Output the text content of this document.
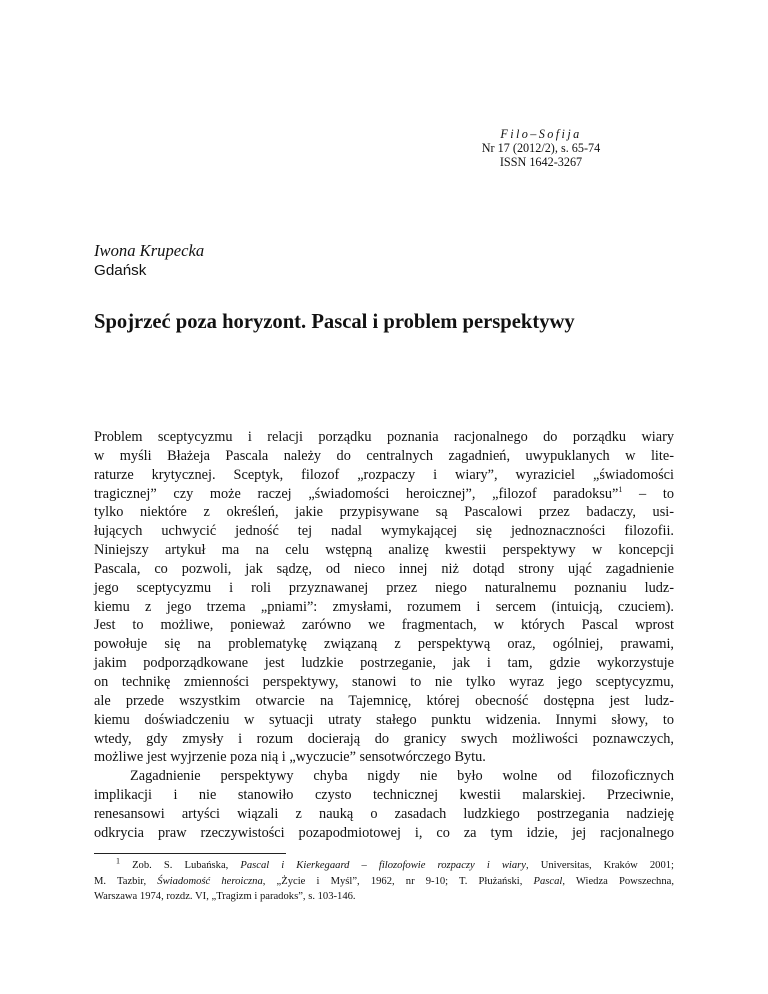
Filo–Sofija
Nr 17 (2012/2), s. 65-74
ISSN 1642-3267
Iwona Krupecka
Gdańsk
Spojrzeć poza horyzont. Pascal i problem perspektywy
Problem sceptycyzmu i relacji porządku poznania racjonalnego do porządku wiary
w myśli Błażeja Pascala należy do centralnych zagadnień, uwypuklanych w lite-
raturze krytycznej. Sceptyk, filozof „rozpaczy i wiary”, wyraziciel „świadomości
tragicznej” czy może raczej „świadomości heroicznej”, „filozof paradoksu”$^1$ – to
tylko niektóre z określeń, jakie przypisywane są Pascalowi przez badaczy, usi-
łujących uchwycić jedność tej nadal wymykającej się jednoznaczności filozofii.
Niniejszy artykuł ma na celu wstępną analizę kwestii perspektywy w koncepcji
Pascala, co pozwoli, jak sądzę, od nieco innej niż dotąd strony ująć zagadnienie
jego sceptycyzmu i roli przyznawanej przez niego naturalnemu poznaniu ludz-
kiemu z jego trzema „pniami”: zmysłami, rozumem i sercem (intuicją, czuciem).
Jest to możliwe, ponieważ zarówno we fragmentach, w których Pascal wprost
powołuje się na problematykę związaną z perspektywą oraz, ogólniej, prawami,
jakim podporządkowane jest ludzkie postrzeganie, jak i tam, gdzie wykorzystuje
on technikę zmienności perspektywy, stanowi to nie tylko wyraz jego sceptycyzmu,
ale przede wszystkim otwarcie na Tajemnicę, której obecność dostępna jest ludz-
kiemu doświadczeniu w sytuacji utraty stałego punktu widzenia. Innymi słowy, to
wtedy, gdy zmysły i rozum docierają do granicy swych możliwości poznawczych,
możliwe jest wyjrzenie poza nią i „wyczucie” sensotwórczego Bytu.
Zagadnienie perspektywy chyba nigdy nie było wolne od filozoficznych
implikacji i nie stanowiło czysto technicznej kwestii malarskiej. Przeciwnie,
renesansowi artyści wiązali z nauką o zasadach ludzkiego postrzegania nadzieję
odkrycia praw rzeczywistości pozapodmiotowej i, co za tym idzie, jej racjonalnego
$^1$ Zob. S. Lubańska, Pascal i Kierkegaard – filozofowie rozpaczy i wiary, Universitas, Kraków 2001;
M. Tazbir, Świadomość heroiczna, „Życie i Myśl”, 1962, nr 9-10; T. Płużański, Pascal, Wiedza Powszechna,
Warszawa 1974, rozdz. VI, „Tragizm i paradoks”, s. 103-146.
